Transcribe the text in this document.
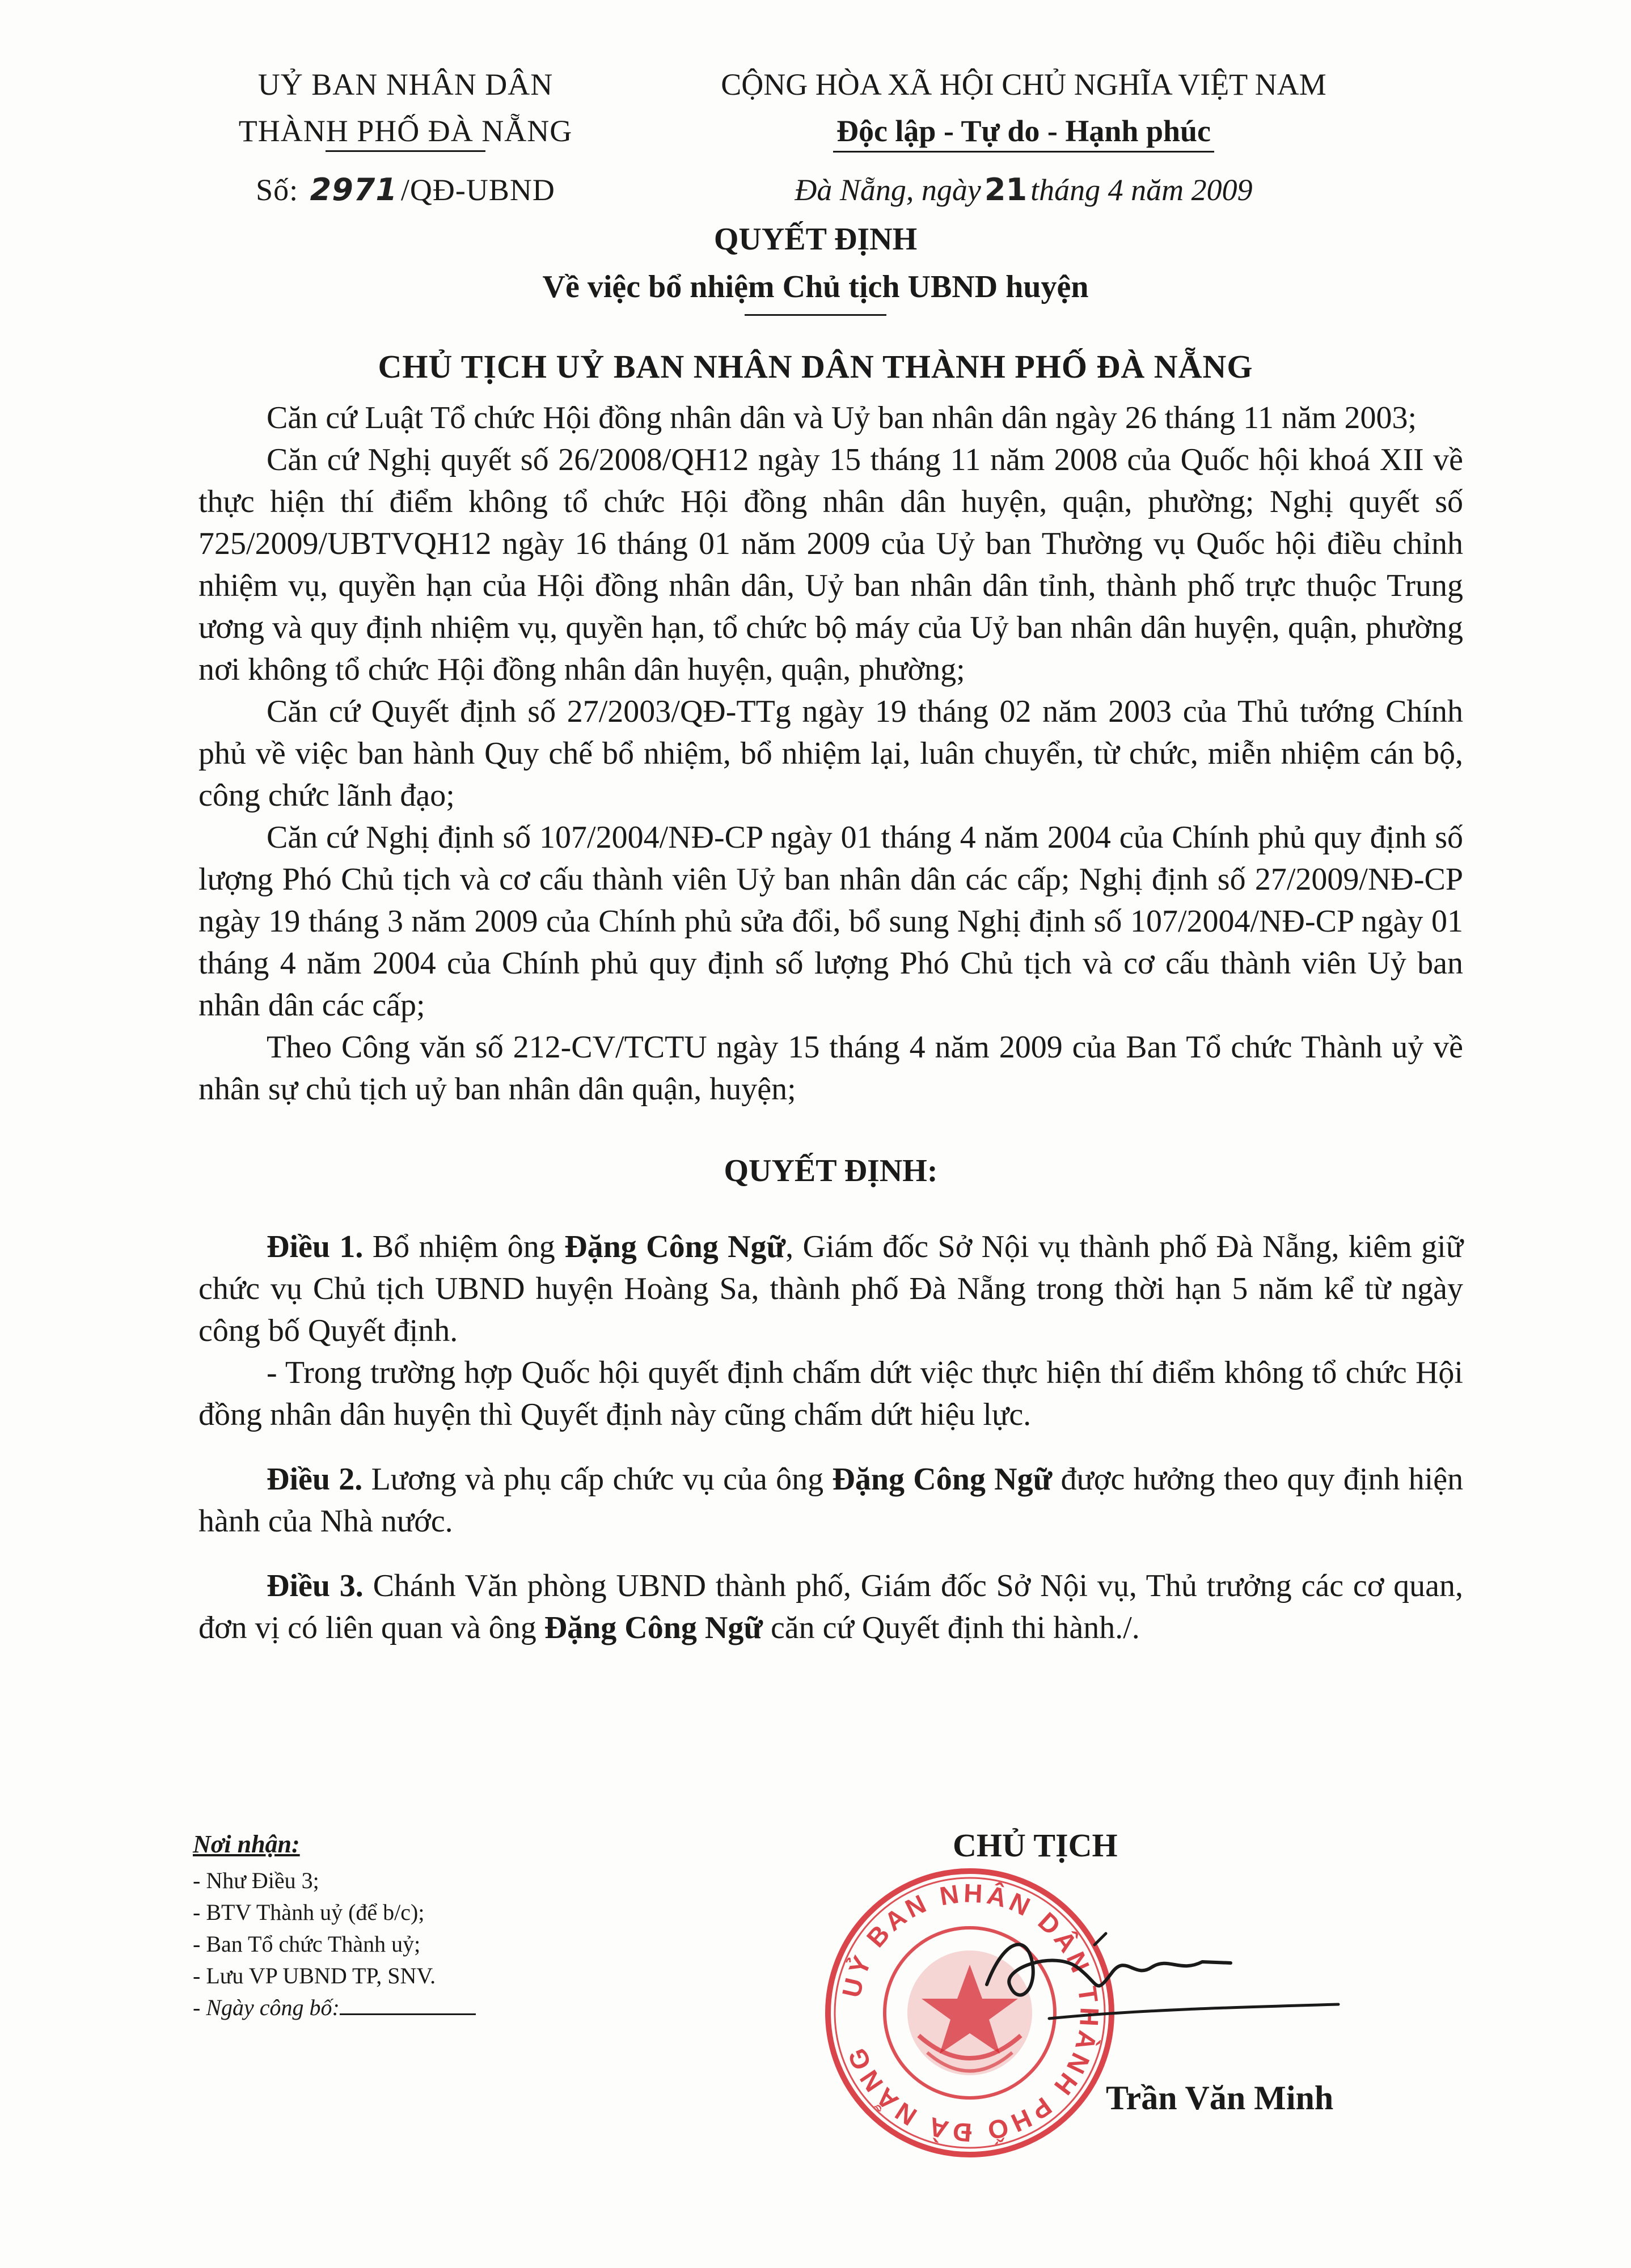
UỶ BAN NHÂN DÂN
THÀNH PHỐ ĐÀ NẴNG
Số: 2971 /QĐ-UBND
CỘNG HÒA XÃ HỘI CHỦ NGHĨA VIỆT NAM
Độc lập - Tự do - Hạnh phúc
Đà Nẵng, ngày 21 tháng 4 năm 2009
QUYẾT ĐỊNH
Về việc bổ nhiệm Chủ tịch UBND huyện
CHỦ TỊCH UỶ BAN NHÂN DÂN THÀNH PHỐ ĐÀ NẴNG

Căn cứ Luật Tổ chức Hội đồng nhân dân và Uỷ ban nhân dân ngày 26 tháng 11 năm 2003;

Căn cứ Nghị quyết số 26/2008/QH12 ngày 15 tháng 11 năm 2008 của Quốc hội khoá XII về thực hiện thí điểm không tổ chức Hội đồng nhân dân huyện, quận, phường; Nghị quyết số 725/2009/UBTVQH12 ngày 16 tháng 01 năm 2009 của Uỷ ban Thường vụ Quốc hội điều chỉnh nhiệm vụ, quyền hạn của Hội đồng nhân dân, Uỷ ban nhân dân tỉnh, thành phố trực thuộc Trung ương và quy định nhiệm vụ, quyền hạn, tổ chức bộ máy của Uỷ ban nhân dân huyện, quận, phường nơi không tổ chức Hội đồng nhân dân huyện, quận, phường;

Căn cứ Quyết định số 27/2003/QĐ-TTg ngày 19 tháng 02 năm 2003 của Thủ tướng Chính phủ về việc ban hành Quy chế bổ nhiệm, bổ nhiệm lại, luân chuyển, từ chức, miễn nhiệm cán bộ, công chức lãnh đạo;

Căn cứ Nghị định số 107/2004/NĐ-CP ngày 01 tháng 4 năm 2004 của Chính phủ quy định số lượng Phó Chủ tịch và cơ cấu thành viên Uỷ ban nhân dân các cấp; Nghị định số 27/2009/NĐ-CP ngày 19 tháng 3 năm 2009 của Chính phủ sửa đổi, bổ sung Nghị định số 107/2004/NĐ-CP ngày 01 tháng 4 năm 2004 của Chính phủ quy định số lượng Phó Chủ tịch và cơ cấu thành viên Uỷ ban nhân dân các cấp;

Theo Công văn số 212-CV/TCTU ngày 15 tháng 4 năm 2009 của Ban Tổ chức Thành uỷ về nhân sự chủ tịch uỷ ban nhân dân quận, huyện;

QUYẾT ĐỊNH:

Điều 1. Bổ nhiệm ông Đặng Công Ngữ, Giám đốc Sở Nội vụ thành phố Đà Nẵng, kiêm giữ chức vụ Chủ tịch UBND huyện Hoàng Sa, thành phố Đà Nẵng trong thời hạn 5 năm kể từ ngày công bố Quyết định.

- Trong trường hợp Quốc hội quyết định chấm dứt việc thực hiện thí điểm không tổ chức Hội đồng nhân dân huyện thì Quyết định này cũng chấm dứt hiệu lực.

Điều 2. Lương và phụ cấp chức vụ của ông Đặng Công Ngữ được hưởng theo quy định hiện hành của Nhà nước.

Điều 3. Chánh Văn phòng UBND thành phố, Giám đốc Sở Nội vụ, Thủ trưởng các cơ quan, đơn vị có liên quan và ông Đặng Công Ngữ căn cứ Quyết định thi hành./.

Nơi nhận:
- Như Điều 3;
- BTV Thành uỷ (để b/c);
- Ban Tổ chức Thành uỷ;
- Lưu VP UBND TP, SNV.
- Ngày công bố:
CHỦ TỊCH
UỶ BAN NHÂN DÂN THÀNH PHỐ ĐÀ NẴNG
Trần Văn Minh
